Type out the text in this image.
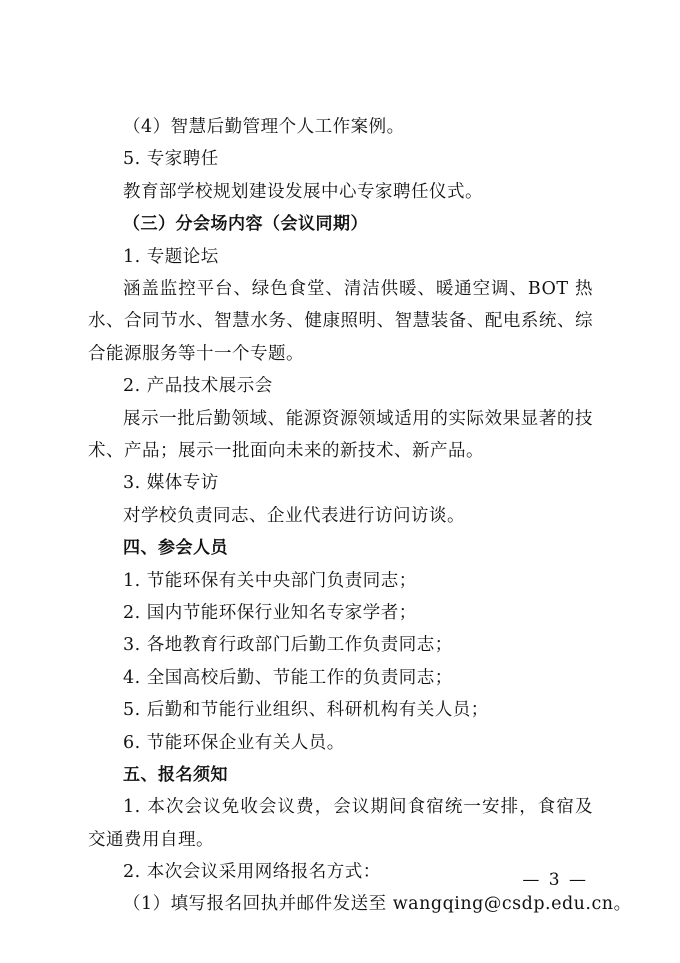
（4）智慧后勤管理个人工作案例。
5. 专家聘任
教育部学校规划建设发展中心专家聘任仪式。
（三）分会场内容（会议同期）
1. 专题论坛

涵盖监控平台、绿色食堂、清洁供暖、暖通空调、BOT 热水、合同节水、智慧水务、健康照明、智慧装备、配电系统、综合能源服务等十一个专题。

2. 产品技术展示会

展示一批后勤领域、能源资源领域适用的实际效果显著的技术、产品；展示一批面向未来的新技术、新产品。

3. 媒体专访
对学校负责同志、企业代表进行访问访谈。
四、参会人员
1. 节能环保有关中央部门负责同志；
2. 国内节能环保行业知名专家学者；
3. 各地教育行政部门后勤工作负责同志；
4. 全国高校后勤、节能工作的负责同志；
5. 后勤和节能行业组织、科研机构有关人员；
6. 节能环保企业有关人员。
五、报名须知

1. 本次会议免收会议费，会议期间食宿统一安排，食宿及交通费用自理。

2. 本次会议采用网络报名方式：
（1）填写报名回执并邮件发送至 wangqing@csdp.edu.cn。
— 3 —
